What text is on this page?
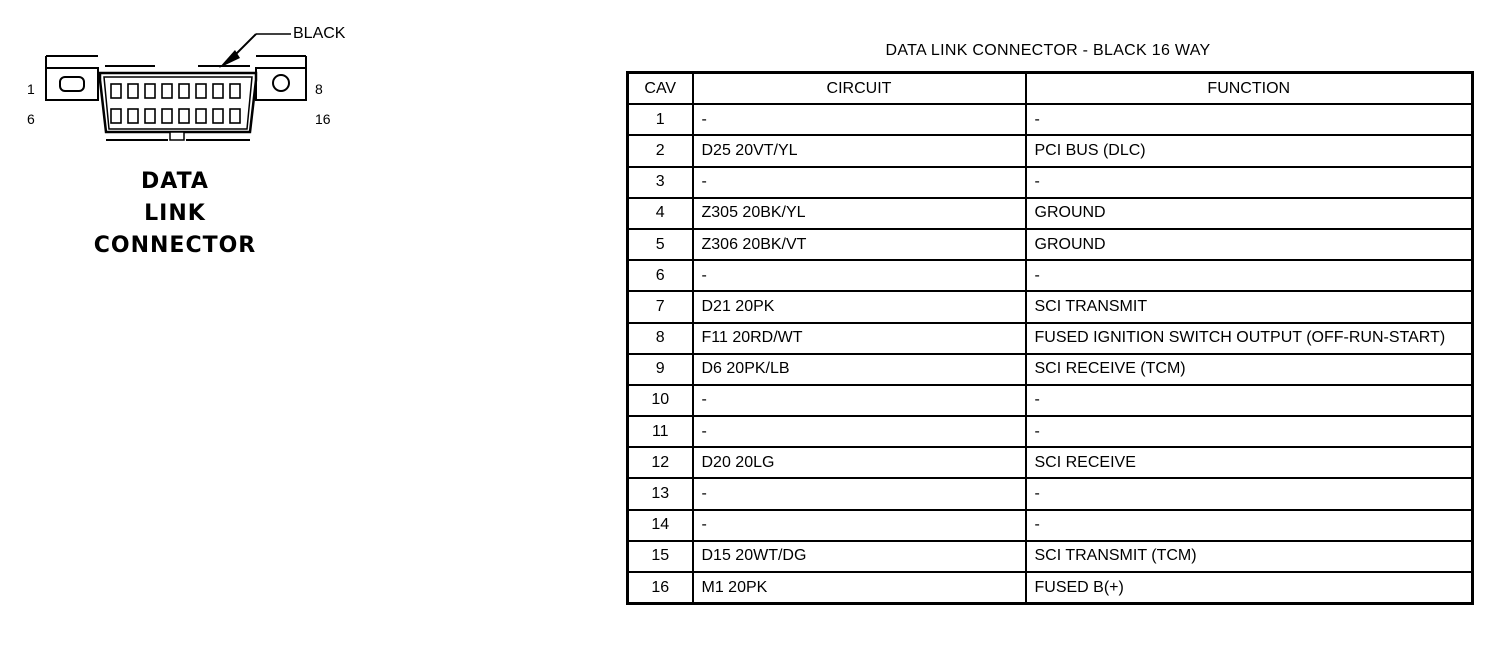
BLACK
1
6
8
16
DATA
LINK
CONNECTOR
DATA LINK CONNECTOR - BLACK 16 WAY
CAV	CIRCUIT	FUNCTION
1	-	-
2	D25 20VT/YL	PCI BUS (DLC)
3	-	-
4	Z305 20BK/YL	GROUND
5	Z306 20BK/VT	GROUND
6	-	-
7	D21 20PK	SCI TRANSMIT
8	F11 20RD/WT	FUSED IGNITION SWITCH OUTPUT (OFF-RUN-START)
9	D6 20PK/LB	SCI RECEIVE (TCM)
10	-	-
11	-	-
12	D20 20LG	SCI RECEIVE
13	-	-
14	-	-
15	D15 20WT/DG	SCI TRANSMIT (TCM)
16	M1 20PK	FUSED B(+)
